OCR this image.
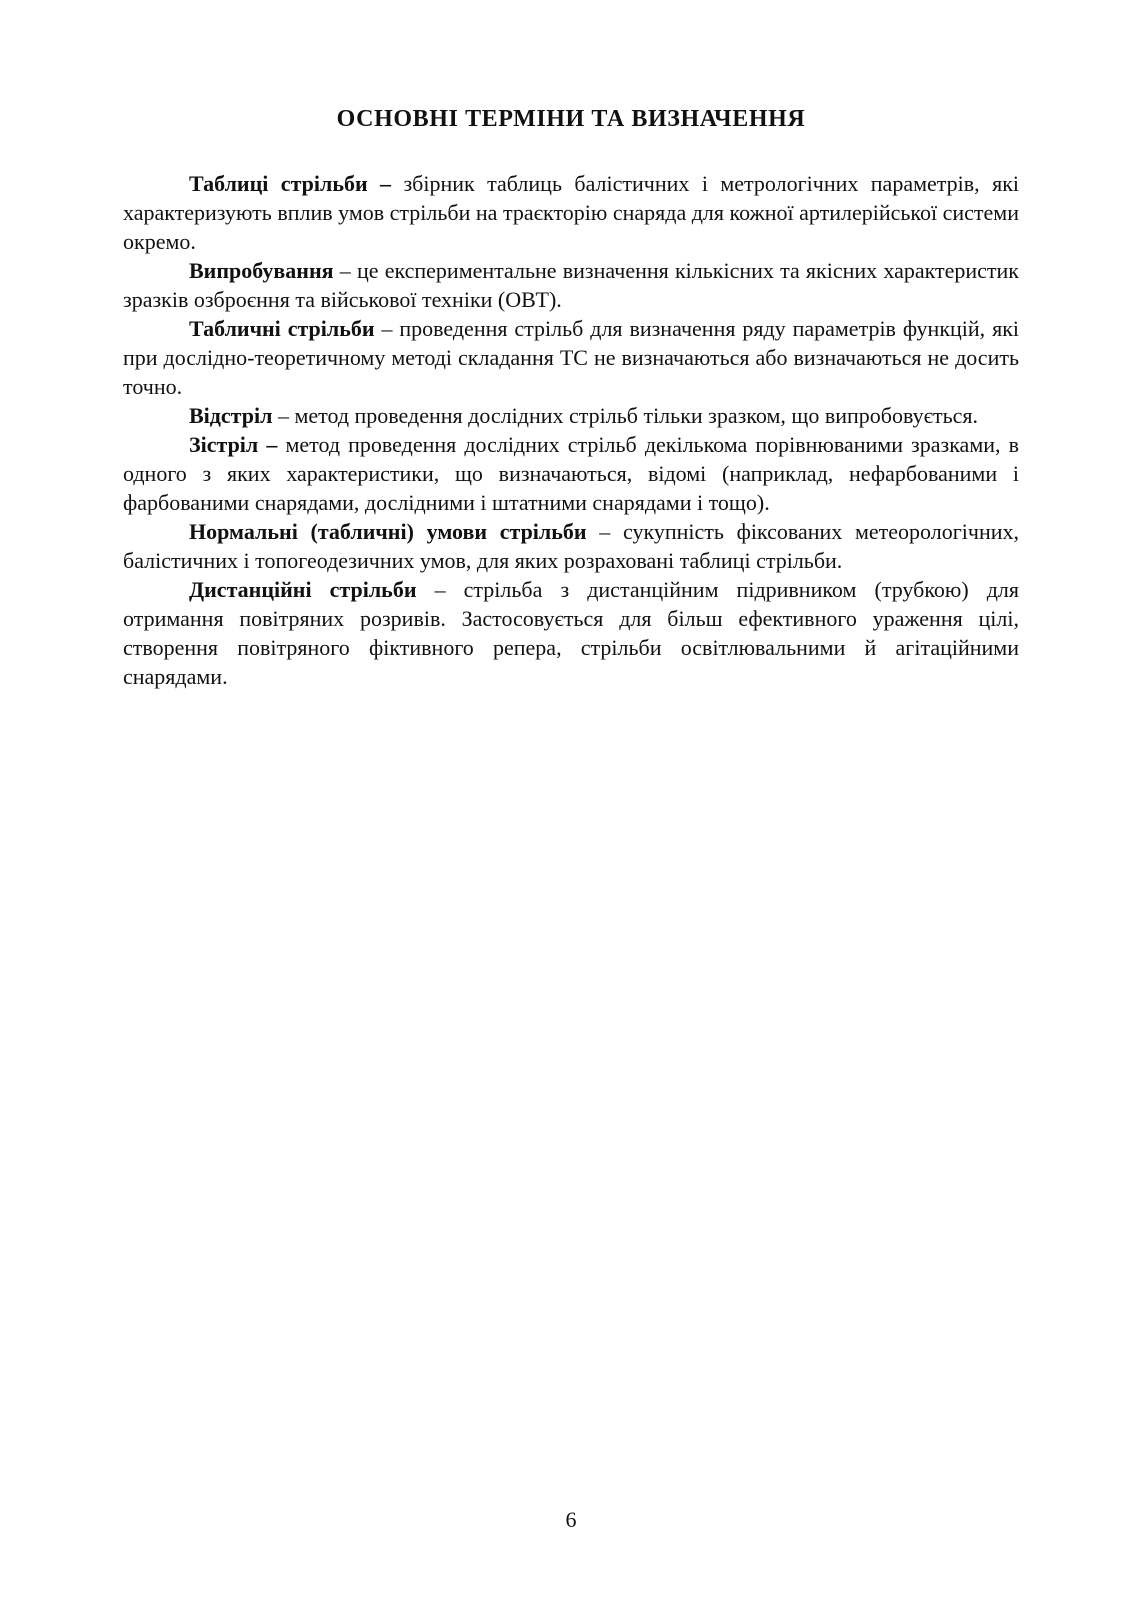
ОСНОВНІ ТЕРМІНИ ТА ВИЗНАЧЕННЯ

Таблиці стрільби – збірник таблиць балістичних і метрологічних параметрів, які характеризують вплив умов стрільби на траєкторію снаряда для кожної артилерійської системи окремо.

Випробування – це експериментальне визначення кількісних та якісних характеристик зразків озброєння та військової техніки (ОВТ).

Табличні стрільби – проведення стрільб для визначення ряду параметрів функцій, які при дослідно-теоретичному методі складання ТС не визначаються або визначаються не досить точно.

Відстріл – метод проведення дослідних стрільб тільки зразком, що випробовується.

Зістріл – метод проведення дослідних стрільб декількома порівнюваними зразками, в одного з яких характеристики, що визначаються, відомі (наприклад, нефарбованими і фарбованими снарядами, дослідними і штатними снарядами і тощо).

Нормальні (табличні) умови стрільби – сукупність фіксованих метеорологічних, балістичних і топогеодезичних умов, для яких розраховані таблиці стрільби.

Дистанційні стрільби – стрільба з дистанційним підривником (трубкою) для отримання повітряних розривів. Застосовується для більш ефективного ураження цілі, створення повітряного фіктивного репера, стрільби освітлювальними й агітаційними снарядами.

6
